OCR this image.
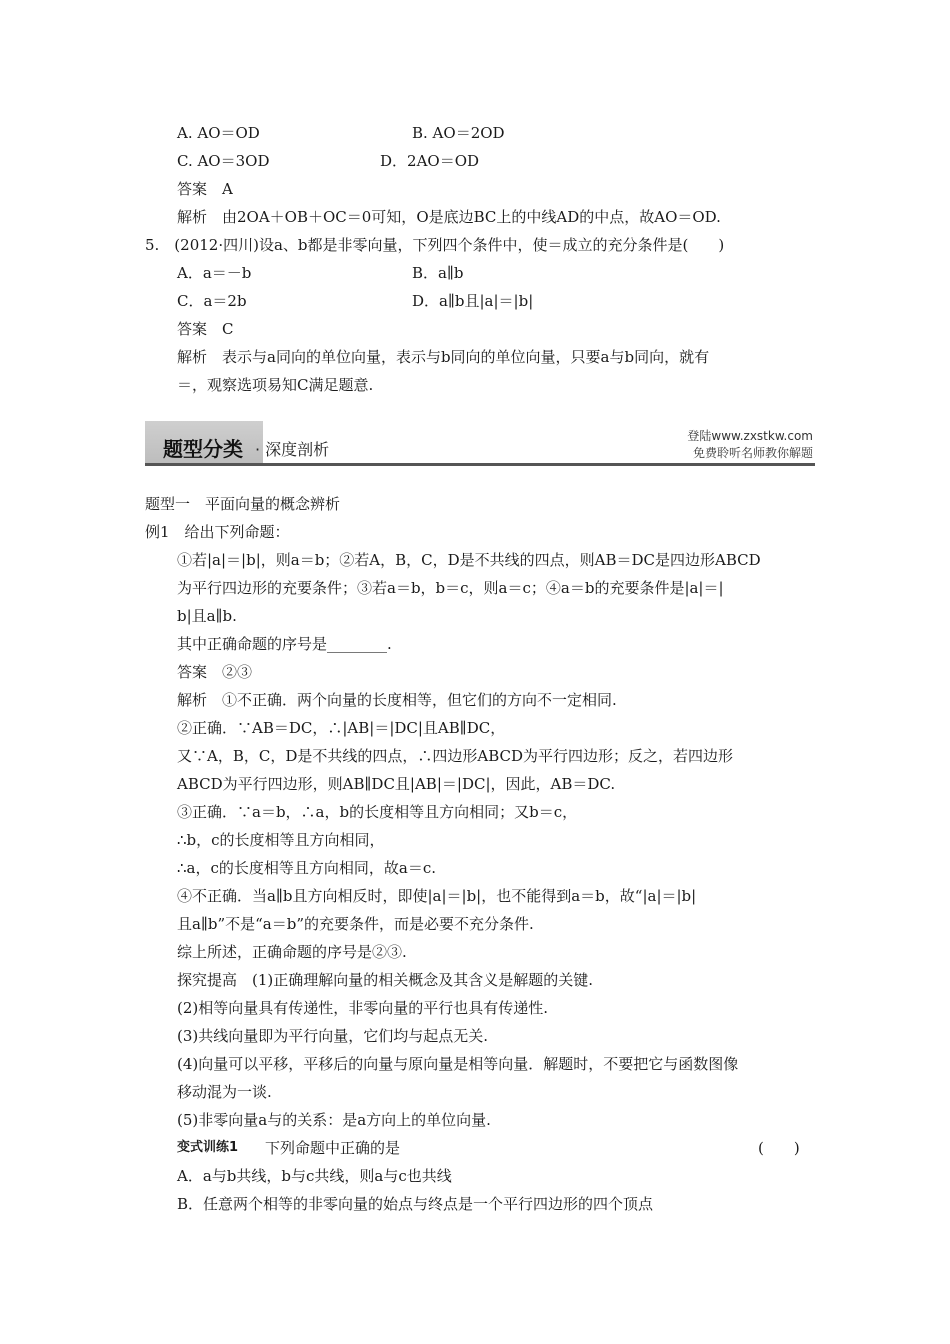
A. AO＝OD	B. AO＝2OD
C. AO＝3OD	D．2AO＝OD
答案　A
解析　由2OA＋OB＋OC＝0可知，O是底边BC上的中线AD的中点，故AO＝OD.
5.　(2012·四川)设a、b都是非零向量，下列四个条件中，使＝成立的充分条件是(　　)
A．a＝－b	B．a∥b
C．a＝2b	D．a∥b且|a|＝|b|
答案　C
解析　表示与a同向的单位向量，表示与b同向的单位向量，只要a与b同向，就有
＝，观察选项易知C满足题意.
题型分类 · 深度剖析
登陆www.zxstkw.com
免费聆听名师教你解题
题型一　平面向量的概念辨析
例1　给出下列命题：
①若|a|＝|b|，则a＝b；②若A，B，C，D是不共线的四点，则AB＝DC是四边形ABCD
为平行四边形的充要条件；③若a＝b，b＝c，则a＝c；④a＝b的充要条件是|a|＝|
b|且a∥b.
其中正确命题的序号是________.
答案　②③
解析　①不正确．两个向量的长度相等，但它们的方向不一定相同.
②正确．∵AB＝DC，∴|AB|＝|DC|且AB∥DC，
又∵A，B，C，D是不共线的四点，∴四边形ABCD为平行四边形；反之，若四边形
ABCD为平行四边形，则AB∥DC且|AB|＝|DC|，因此，AB＝DC.
③正确．∵a＝b，∴a，b的长度相等且方向相同；又b＝c，
∴b，c的长度相等且方向相同，
∴a，c的长度相等且方向相同，故a＝c.
④不正确．当a∥b且方向相反时，即使|a|＝|b|，也不能得到a＝b，故“|a|＝|b|
且a∥b”不是“a＝b”的充要条件，而是必要不充分条件.
综上所述，正确命题的序号是②③.
探究提高　(1)正确理解向量的相关概念及其含义是解题的关键.
(2)相等向量具有传递性，非零向量的平行也具有传递性.
(3)共线向量即为平行向量，它们均与起点无关.
(4)向量可以平移，平移后的向量与原向量是相等向量．解题时，不要把它与函数图像
移动混为一谈.
(5)非零向量a与的关系：是a方向上的单位向量.
变式训练1 下列命题中正确的是	(　　)
A．a与b共线，b与c共线，则a与c也共线
B．任意两个相等的非零向量的始点与终点是一个平行四边形的四个顶点
